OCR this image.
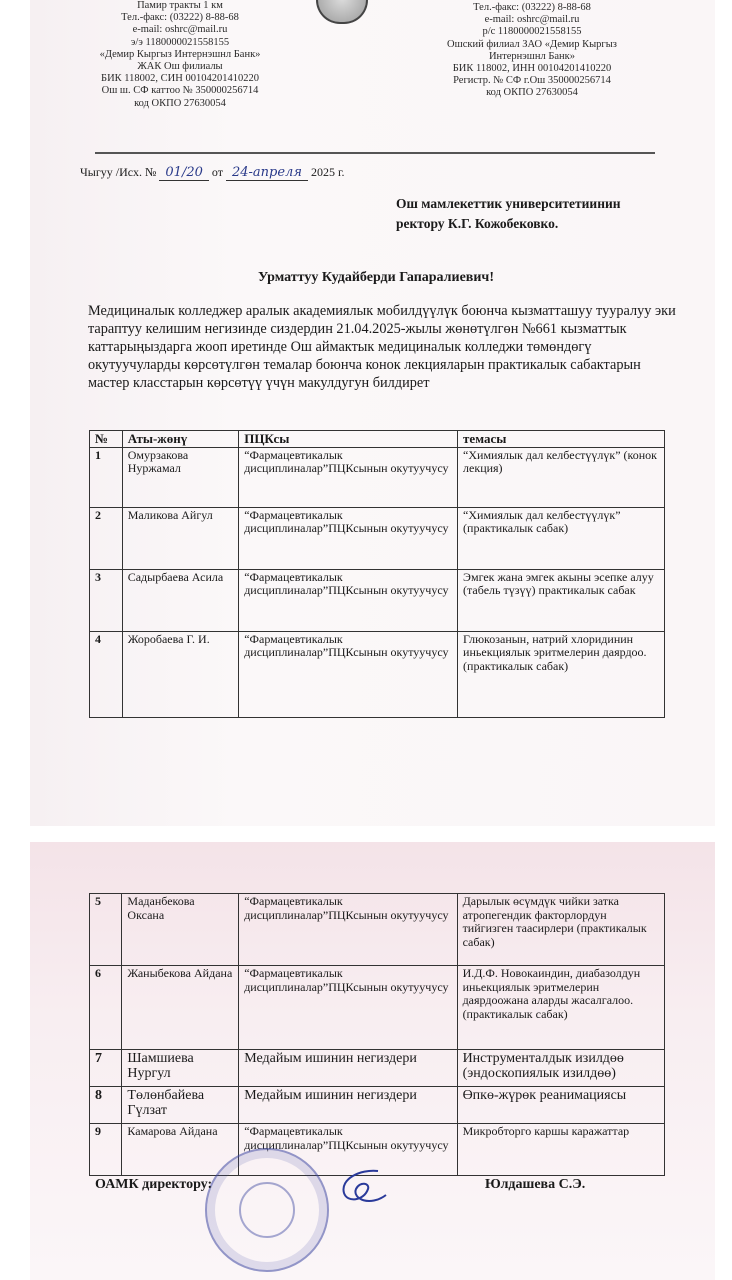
Памир тракты 1 км
Тел.-факс: (03222) 8-88-68
e-mail: oshrc@mail.ru
э/э 1180000021558155
«Демир Кыргыз Интернэшнл Банк»
ЖАК Ош филиалы
БИК 118002, СИН 00104201410220
Ош ш. СФ каттоо № 350000256714
код ОКПО 27630054
Тел.-факс: (03222) 8-88-68
e-mail: oshrc@mail.ru
р/с 1180000021558155
Ошский филиал ЗАО «Демир Кыргыз
Интернэшнл Банк»
БИК 118002, ИНН 00104201410220
Регистр. № СФ г.Ош 350000256714
код ОКПО 27630054
Чыгуу /Исх. № 01/20 от 24-апреля 2025 г.
Ош мамлекеттик университетиинин
ректору К.Г. Кожобековко.
Урматтуу Кудайберди Гапаралиевич!
Медициналык колледжер аралык академиялык мобилдүүлүк боюнча кызматташуу тууралуу эки тараптуу келишим негизинде сиздердин 21.04.2025-жылы жөнөтүлгөн №661 кызматтык каттарыңыздарга жооп иретинде Ош аймактык медициналык колледжи төмөндөгү окутуучуларды көрсөтүлгөн темалар боюнча конок лекцияларын практикалык сабактарын мастер класстарын көрсөтүү үчүн макулдугун билдирет
№	Аты-жөнү	ПЦКсы	темасы
1	Омурзакова Нуржамал	“Фармацевтикалык дисциплиналар”ПЦКсынын окутуучусу	“Химиялык дал келбестүүлүк” (конок лекция)
2	Маликова Айгул	“Фармацевтикалык дисциплиналар”ПЦКсынын окутуучусу	“Химиялык дал келбестүүлүк” (практикалык сабак)
3	Садырбаева Асила	“Фармацевтикалык дисциплиналар”ПЦКсынын окутуучусу	Эмгек жана эмгек акыны эсепке алуу (табель түзүү) практикалык сабак
4	Жоробаева Г. И.	“Фармацевтикалык дисциплиналар”ПЦКсынын окутуучусу	Глюкозанын, натрий хлоридинин иньекциялык эритмелерин даярдоо. (практикалык сабак)
5	Маданбекова Оксана	“Фармацевтикалык дисциплиналар”ПЦКсынын окутуучусу	Дарылык өсүмдүк чийки затка атропегендик факторлордун тийгизген таасирлери (практикалык сабак)
6	Жаныбекова Айдана	“Фармацевтикалык дисциплиналар”ПЦКсынын окутуучусу	И.Д.Ф. Новокаиндин, диабазолдун иньекциялык эритмелерин даярдоожана аларды жасалгалоо. (практикалык сабак)
7	Шамшиева Нургул	Медайым ишинин негиздери	Инструменталдык изилдөө (эндоскопиялык изилдөө)
8	Төлөнбайева Гүлзат	Медайым ишинин негиздери	Өпкө-жүрөк реанимациясы
9	Камарова Айдана	“Фармацевтикалык дисциплиналар”ПЦКсынын окутуучусу	Микробторго каршы каражаттар
ОАМК директору:	Юлдашева С.Э.
